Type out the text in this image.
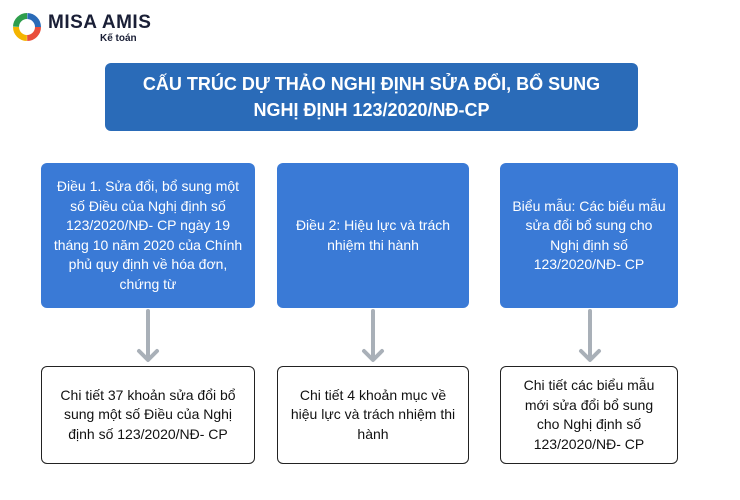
MISA AMIS
Kế toán
CẤU TRÚC DỰ THẢO NGHỊ ĐỊNH SỬA ĐỔI, BỔ SUNG
NGHỊ ĐỊNH 123/2020/NĐ-CP
Điều 1. Sửa đổi, bổ sung một số Điều của Nghị định số 123/2020/NĐ- CP ngày 19 tháng 10 năm 2020 của Chính phủ quy định về hóa đơn, chứng từ
Điều 2: Hiệu lực và trách nhiệm thi hành
Biểu mẫu: Các biểu mẫu sửa đổi bổ sung cho Nghị định số 123/2020/NĐ- CP
Chi tiết 37 khoản sửa đổi bổ sung một số Điều của Nghị định số 123/2020/NĐ- CP
Chi tiết 4 khoản mục về hiệu lực và trách nhiệm thi hành
Chi tiết các biểu mẫu mới sửa đổi bổ sung cho Nghị định số 123/2020/NĐ- CP
